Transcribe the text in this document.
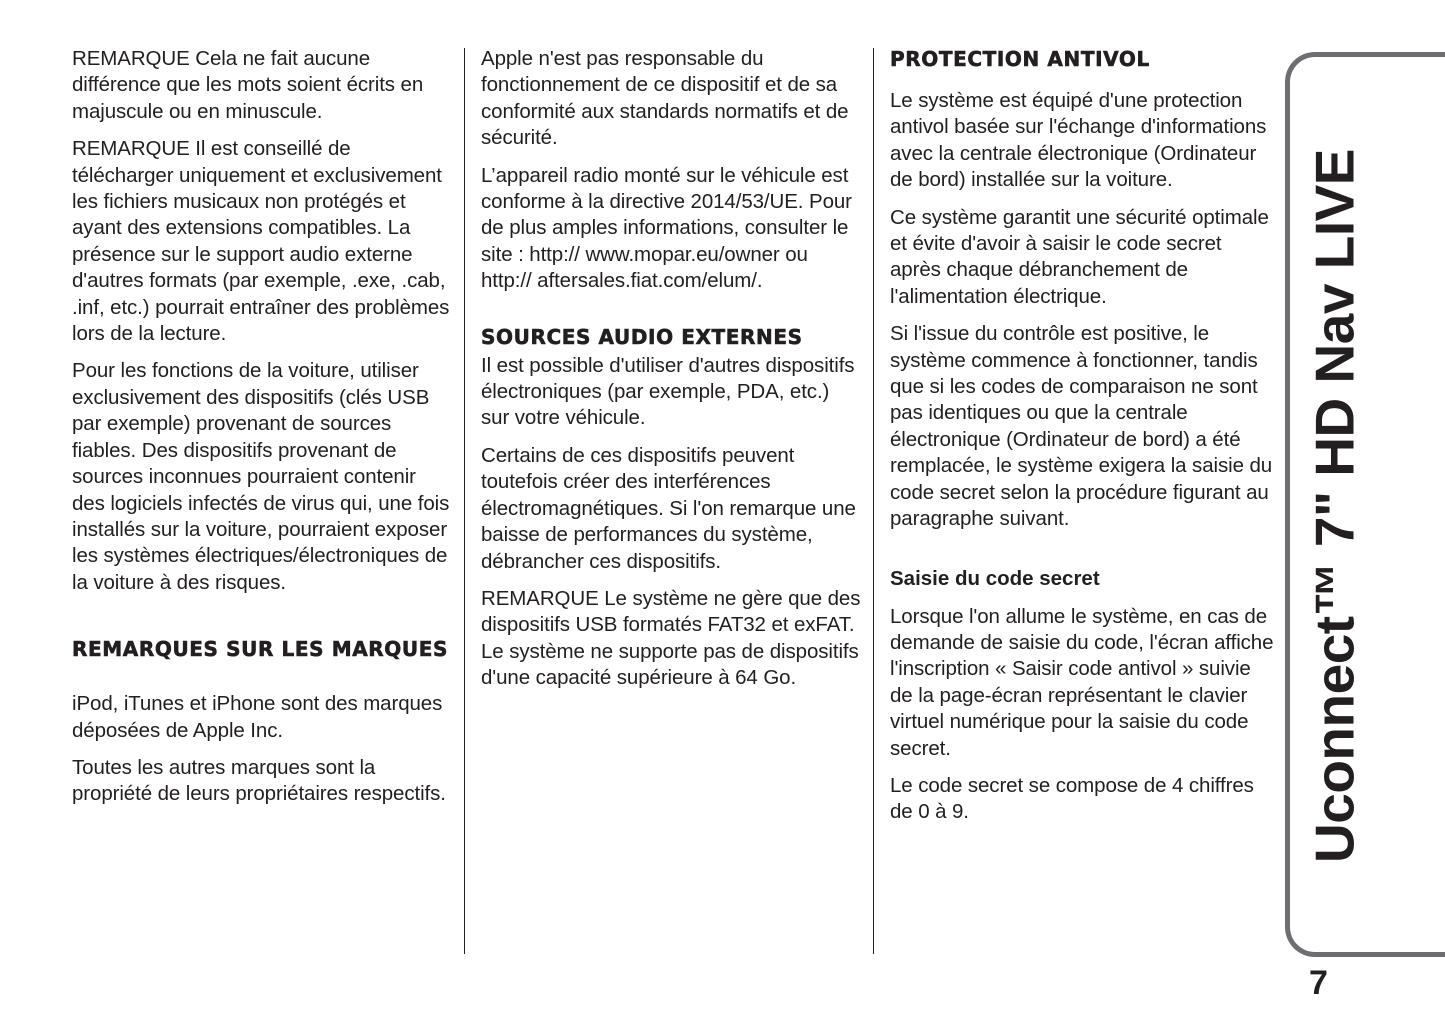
REMARQUE Cela ne fait aucune différence que les mots soient écrits en majuscule ou en minuscule.

REMARQUE Il est conseillé de télécharger uniquement et exclusivement les fichiers musicaux non protégés et ayant des extensions compatibles. La présence sur le support audio externe d'autres formats (par exemple, .exe, .cab, .inf, etc.) pourrait entraîner des problèmes lors de la lecture.

Pour les fonctions de la voiture, utiliser exclusivement des dispositifs (clés USB par exemple) provenant de sources fiables. Des dispositifs provenant de sources inconnues pourraient contenir des logiciels infectés de virus qui, une fois installés sur la voiture, pourraient exposer les systèmes électriques/électroniques de la voiture à des risques.

REMARQUES SUR LES MARQUES

iPod, iTunes et iPhone sont des marques déposées de Apple Inc.

Toutes les autres marques sont la propriété de leurs propriétaires respectifs.

Apple n'est pas responsable du fonctionnement de ce dispositif et de sa conformité aux standards normatifs et de sécurité.

L’appareil radio monté sur le véhicule est conforme à la directive 2014/53/UE. Pour de plus amples informations, consulter le site : http:// www.mopar.eu/owner ou http:// aftersales.fiat.com/elum/.

SOURCES AUDIO EXTERNES

Il est possible d'utiliser d'autres dispositifs électroniques (par exemple, PDA, etc.) sur votre véhicule.

Certains de ces dispositifs peuvent toutefois créer des interférences électromagnétiques. Si l'on remarque une baisse de performances du système, débrancher ces dispositifs.

REMARQUE Le système ne gère que des dispositifs USB formatés FAT32 et exFAT. Le système ne supporte pas de dispositifs d'une capacité supérieure à 64 Go.

PROTECTION ANTIVOL

Le système est équipé d'une protection antivol basée sur l'échange d'informations avec la centrale électronique (Ordinateur de bord) installée sur la voiture.

Ce système garantit une sécurité optimale et évite d'avoir à saisir le code secret après chaque débranchement de l'alimentation électrique.

Si l'issue du contrôle est positive, le système commence à fonctionner, tandis que si les codes de comparaison ne sont pas identiques ou que la centrale électronique (Ordinateur de bord) a été remplacée, le système exigera la saisie du code secret selon la procédure figurant au paragraphe suivant.

Saisie du code secret

Lorsque l'on allume le système, en cas de demande de saisie du code, l'écran affiche l'inscription « Saisir code antivol » suivie de la page-écran représentant le clavier virtuel numérique pour la saisie du code secret.

Le code secret se compose de 4 chiffres de 0 à 9.	Uconnect™ 7" HD Nav LIVE
7
